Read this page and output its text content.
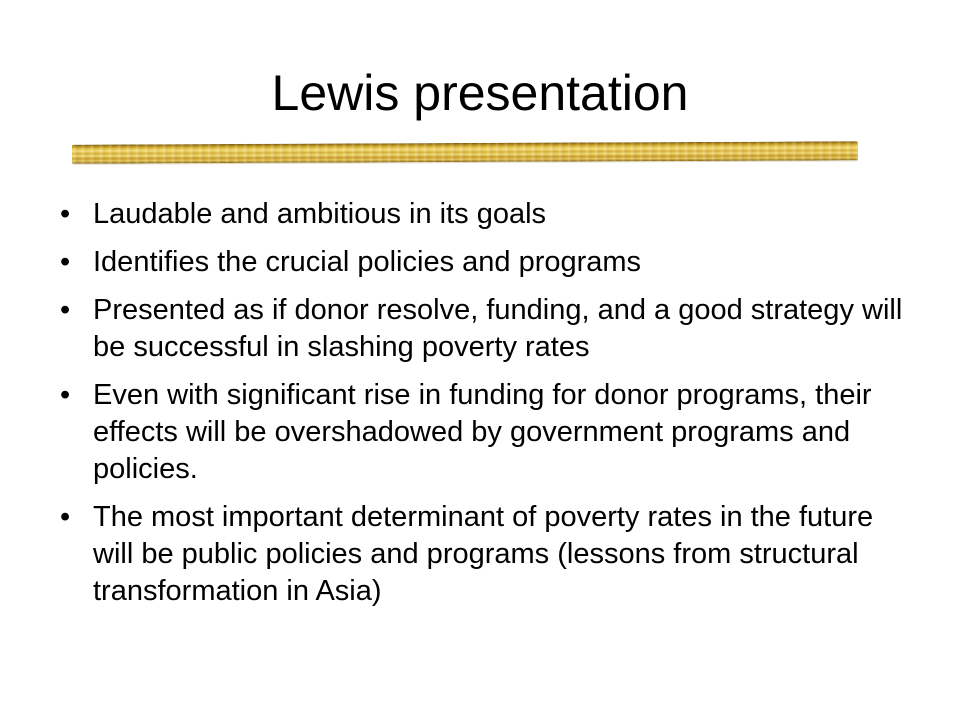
Lewis presentation
• Laudable and ambitious in its goals
• Identifies the crucial policies and programs
• Presented as if donor resolve, funding, and a good strategy will be successful in slashing poverty rates
• Even with significant rise in funding for donor programs, their effects will be overshadowed by government programs and policies.
• The most important determinant of poverty rates in the future will be public policies and programs (lessons from structural transformation in Asia)
